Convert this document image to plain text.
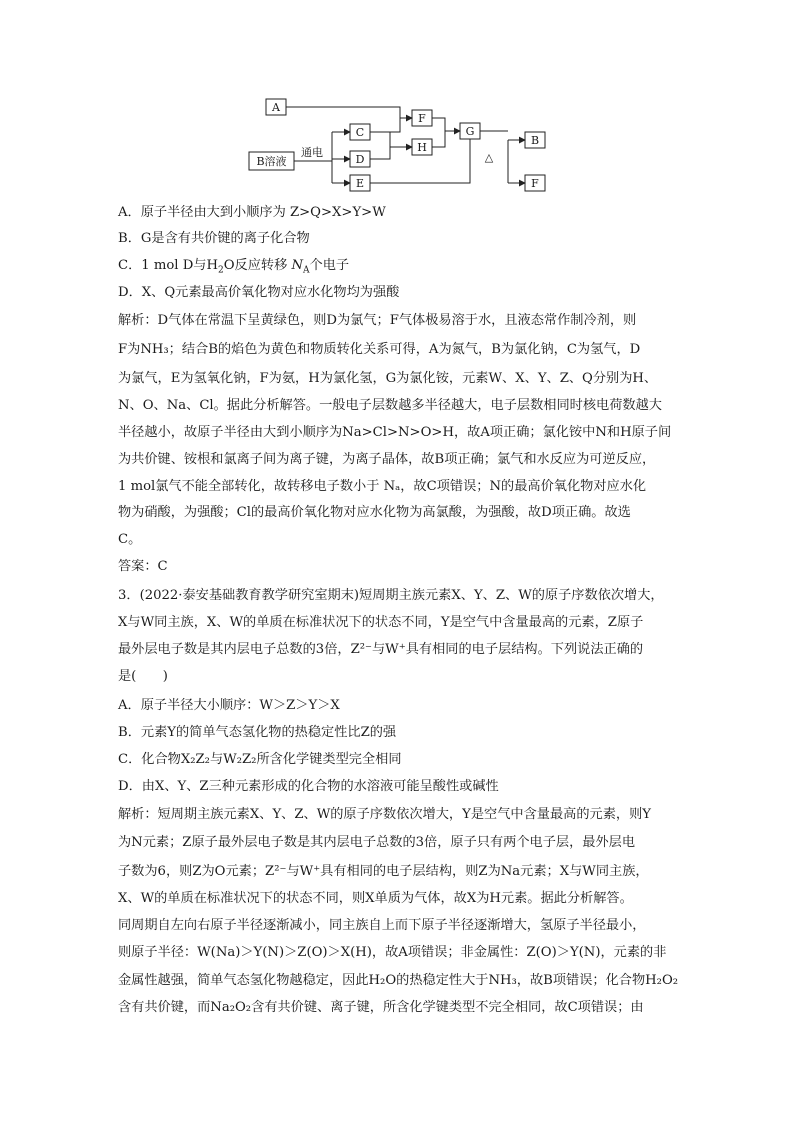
A
B溶液
C
D
E
F
H
G
B
F
通电	△
A．原子半径由大到小顺序为 Z>Q>X>Y>W
B．G是含有共价键的离子化合物
C．1 mol D与$H_2O$反应转移 $N_A$个电子
D．X、Q元素最高价氧化物对应水化物均为强酸
解析：D气体在常温下呈黄绿色，则D为氯气；F气体极易溶于水，且液态常作制冷剂，则
F为NH₃；结合B的焰色为黄色和物质转化关系可得，A为氮气，B为氯化钠，C为氢气，D
为氯气，E为氢氧化钠，F为氨，H为氯化氢，G为氯化铵，元素W、X、Y、Z、Q分别为H、
N、O、Na、Cl。据此分析解答。一般电子层数越多半径越大，电子层数相同时核电荷数越大
半径越小，故原子半径由大到小顺序为Na>Cl>N>O>H，故A项正确；氯化铵中N和H原子间
为共价键、铵根和氯离子间为离子键，为离子晶体，故B项正确；氯气和水反应为可逆反应，
1 mol氯气不能全部转化，故转移电子数小于 Nₐ，故C项错误；N的最高价氧化物对应水化
物为硝酸，为强酸；Cl的最高价氧化物对应水化物为高氯酸，为强酸，故D项正确。故选
C。
答案：C
3．(2022·泰安基础教育教学研究室期末)短周期主族元素X、Y、Z、W的原子序数依次增大，
X与W同主族，X、W的单质在标准状况下的状态不同，Y是空气中含量最高的元素，Z原子
最外层电子数是其内层电子总数的3倍，Z²⁻与W⁺具有相同的电子层结构。下列说法正确的
是(　　)
A．原子半径大小顺序：W＞Z＞Y＞X
B．元素Y的简单气态氢化物的热稳定性比Z的强
C．化合物X₂Z₂与W₂Z₂所含化学键类型完全相同
D．由X、Y、Z三种元素形成的化合物的水溶液可能呈酸性或碱性
解析：短周期主族元素X、Y、Z、W的原子序数依次增大，Y是空气中含量最高的元素，则Y
为N元素；Z原子最外层电子数是其内层电子总数的3倍，原子只有两个电子层，最外层电
子数为6，则Z为O元素；Z²⁻与W⁺具有相同的电子层结构，则Z为Na元素；X与W同主族，
X、W的单质在标准状况下的状态不同，则X单质为气体，故X为H元素。据此分析解答。
同周期自左向右原子半径逐渐减小，同主族自上而下原子半径逐渐增大，氢原子半径最小，
则原子半径：W(Na)＞Y(N)＞Z(O)＞X(H)，故A项错误；非金属性：Z(O)＞Y(N)，元素的非
金属性越强，简单气态氢化物越稳定，因此H₂O的热稳定性大于NH₃，故B项错误；化合物H₂O₂
含有共价键，而Na₂O₂含有共价键、离子键，所含化学键类型不完全相同，故C项错误；由
